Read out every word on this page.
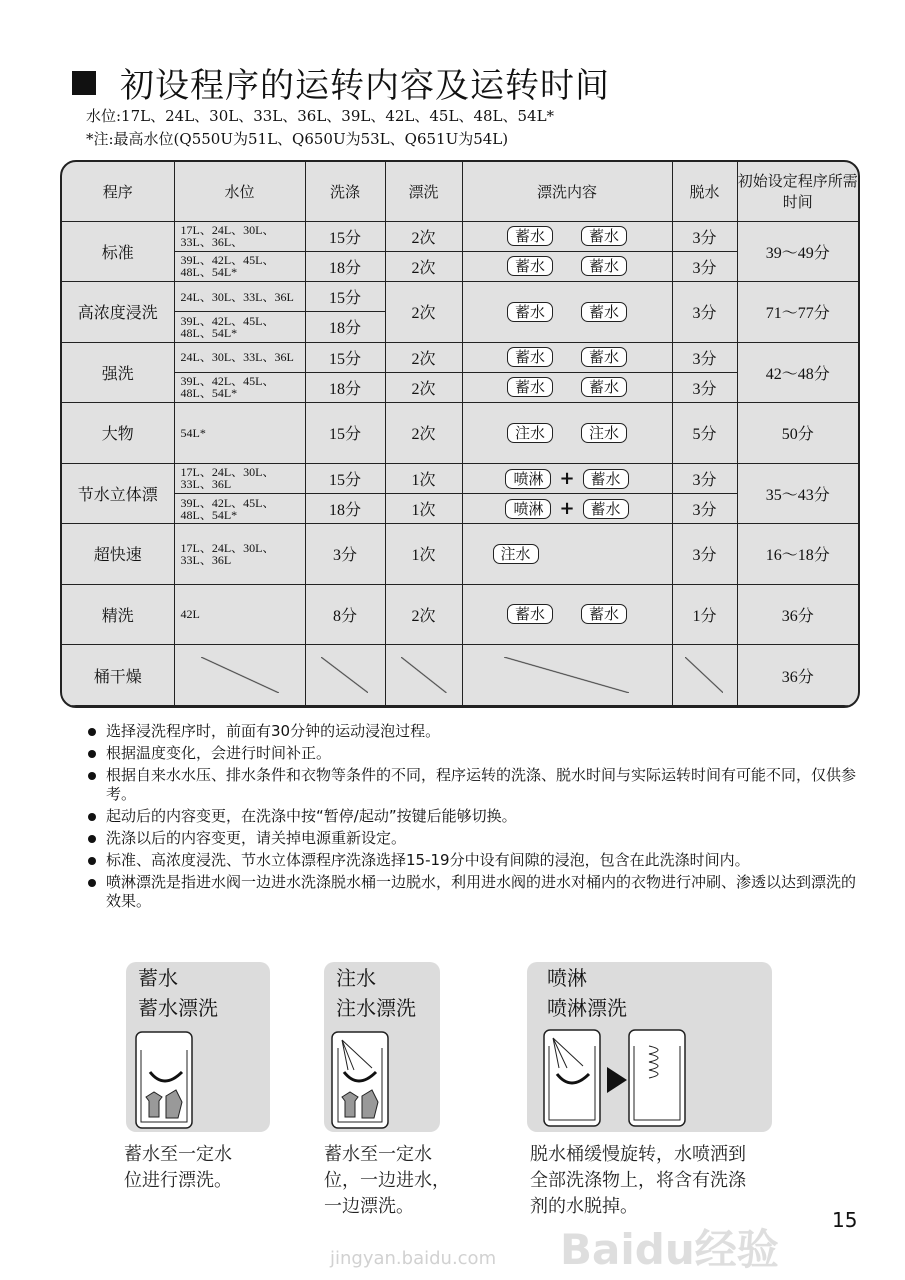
初设程序的运转内容及运转时间
水位:17L、24L、30L、33L、36L、39L、42L、45L、48L、54L*
*注:最高水位(Q550U为51L、Q650U为53L、Q651U为54L)
程序	水位	洗涤	漂洗	漂洗内容	脱水	初始设定程序所需时间
标准	17L、24L、30L、33L、36L、	15分	2次	蓄水 蓄水	3分	39～49分
	39L、42L、45L、48L、54L*	18分	2次	蓄水 蓄水	3分	
高浓度浸洗	24L、30L、33L、36L	15分	2次	蓄水 蓄水	3分	71～77分
	39L、42L、45L、48L、54L*	18分				
强洗	24L、30L、33L、36L	15分	2次	蓄水 蓄水	3分	42～48分
	39L、42L、45L、48L、54L*	18分	2次	蓄水 蓄水	3分	
大物	54L*	15分	2次	注水 注水	5分	50分

节水立体漂	17L、24L、30L、33L、36L	15分	1次	喷淋 + 蓄水	3分	35～43分
	39L、42L、45L、48L、54L*	18分	1次	喷淋 + 蓄水	3分	
超快速	17L、24L、30L、33L、36L	3分	1次	注水	3分	16～18分

精洗	42L	8分	2次	蓄水 蓄水	1分	36分

桶干燥						36分

选择浸洗程序时，前面有30分钟的运动浸泡过程。
根据温度变化，会进行时间补正。
根据自来水水压、排水条件和衣物等条件的不同，程序运转的洗涤、脱水时间与实际运转时间有可能不同，仅供参考。
起动后的内容变更，在洗涤中按“暂停/起动”按键后能够切换。
洗涤以后的内容变更，请关掉电源重新设定。
标准、高浓度浸洗、节水立体漂程序洗涤选择15-19分中设有间隙的浸泡，包含在此洗涤时间内。
喷淋漂洗是指进水阀一边进水洗涤脱水桶一边脱水，利用进水阀的进水对桶内的衣物进行冲刷、渗透以达到漂洗的效果。
蓄水
蓄水漂洗
注水
注水漂洗
喷淋
喷淋漂洗
蓄水至一定水
位进行漂洗。
蓄水至一定水
位，一边进水，
一边漂洗。
脱水桶缓慢旋转，水喷洒到
全部洗涤物上，将含有洗涤
剂的水脱掉。
Baidu经验
jingyan.baidu.com
15
